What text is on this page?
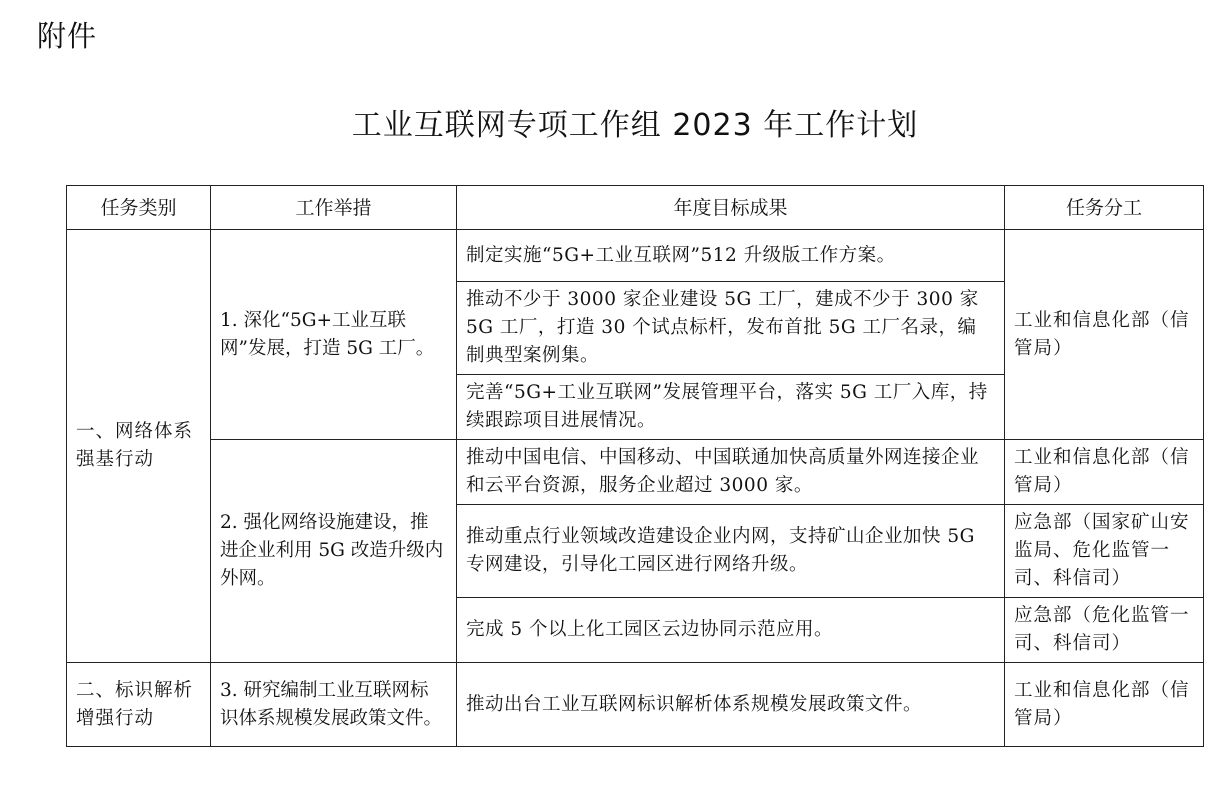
附件
工业互联网专项工作组 2023 年工作计划
任务类别	工作举措	年度目标成果	任务分工
一、网络体系强基行动	1. 深化“5G+工业互联网”发展，打造 5G 工厂。	制定实施“5G+工业互联网”512 升级版工作方案。	工业和信息化部（信管局）
		推动不少于 3000 家企业建设 5G 工厂，建成不少于 300 家 5G 工厂，打造 30 个试点标杆，发布首批 5G 工厂名录，编制典型案例集。	
		完善“5G+工业互联网”发展管理平台，落实 5G 工厂入库，持续跟踪项目进展情况。	
	2. 强化网络设施建设，推进企业利用 5G 改造升级内外网。	推动中国电信、中国移动、中国联通加快高质量外网连接企业和云平台资源，服务企业超过 3000 家。	工业和信息化部（信管局）
		推动重点行业领域改造建设企业内网，支持矿山企业加快 5G 专网建设，引导化工园区进行网络升级。	应急部（国家矿山安监局、危化监管一司、科信司）
		完成 5 个以上化工园区云边协同示范应用。	应急部（危化监管一司、科信司）
二、标识解析增强行动	3. 研究编制工业互联网标识体系规模发展政策文件。	推动出台工业互联网标识解析体系规模发展政策文件。	工业和信息化部（信管局）
